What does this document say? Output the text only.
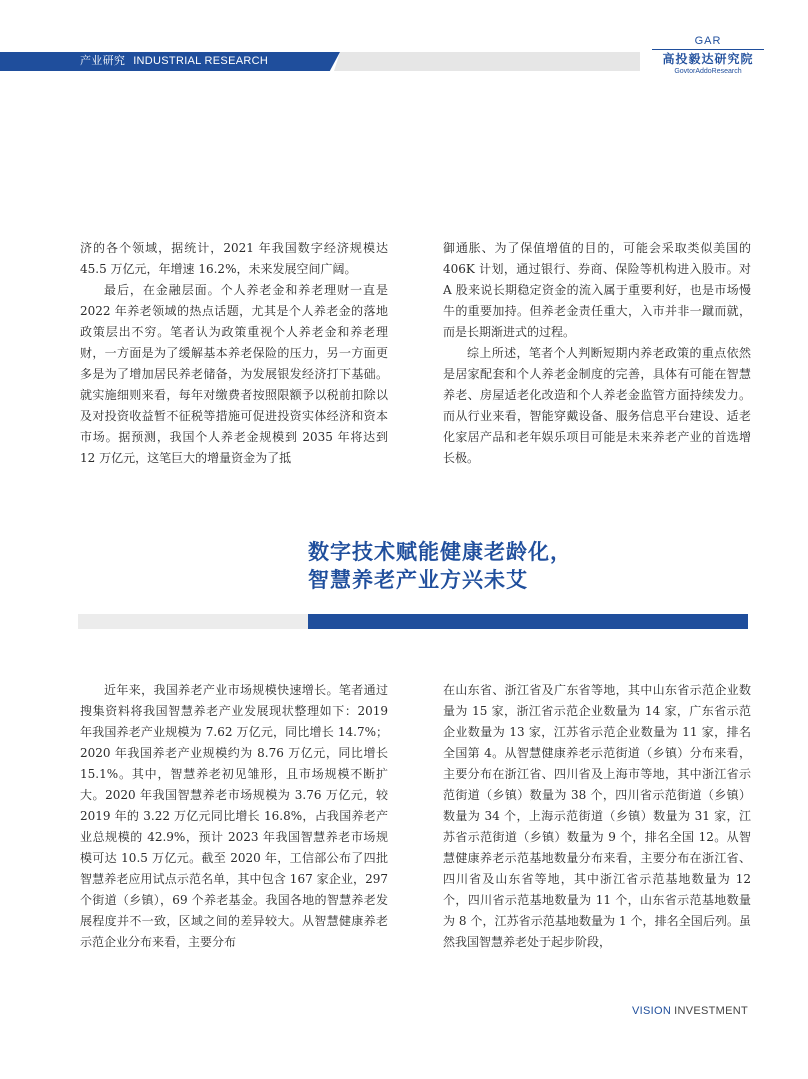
产业研究 INDUSTRIAL RESEARCH
GAR
高投毅达研究院
GovtorAddoResearch

济的各个领域，据统计，2021 年我国数字经济规模达 45.5 万亿元，年增速 16.2%，未来发展空间广阔。

最后，在金融层面。个人养老金和养老理财一直是 2022 年养老领域的热点话题，尤其是个人养老金的落地政策层出不穷。笔者认为政策重视个人养老金和养老理财，一方面是为了缓解基本养老保险的压力，另一方面更多是为了增加居民养老储备，为发展银发经济打下基础。就实施细则来看，每年对缴费者按照限额予以税前扣除以及对投资收益暂不征税等措施可促进投资实体经济和资本市场。据预测，我国个人养老金规模到 2035 年将达到 12 万亿元，这笔巨大的增量资金为了抵

御通胀、为了保值增值的目的，可能会采取类似美国的 406K 计划，通过银行、券商、保险等机构进入股市。对 A 股来说长期稳定资金的流入属于重要利好，也是市场慢牛的重要加持。但养老金责任重大，入市并非一蹴而就，而是长期渐进式的过程。

综上所述，笔者个人判断短期内养老政策的重点依然是居家配套和个人养老金制度的完善，具体有可能在智慧养老、房屋适老化改造和个人养老金监管方面持续发力。而从行业来看，智能穿戴设备、服务信息平台建设、适老化家居产品和老年娱乐项目可能是未来养老产业的首选增长极。

数字技术赋能健康老龄化，
智慧养老产业方兴未艾

近年来，我国养老产业市场规模快速增长。笔者通过搜集资料将我国智慧养老产业发展现状整理如下：2019 年我国养老产业规模为 7.62 万亿元，同比增长 14.7%；2020 年我国养老产业规模约为 8.76 万亿元，同比增长 15.1%。其中，智慧养老初见雏形，且市场规模不断扩大。2020 年我国智慧养老市场规模为 3.76 万亿元，较 2019 年的 3.22 万亿元同比增长 16.8%，占我国养老产业总规模的 42.9%，预计 2023 年我国智慧养老市场规模可达 10.5 万亿元。截至 2020 年，工信部公布了四批智慧养老应用试点示范名单，其中包含 167 家企业，297 个街道（乡镇），69 个养老基金。我国各地的智慧养老发展程度并不一致，区域之间的差异较大。从智慧健康养老示范企业分布来看，主要分布

在山东省、浙江省及广东省等地，其中山东省示范企业数量为 15 家，浙江省示范企业数量为 14 家，广东省示范企业数量为 13 家，江苏省示范企业数量为 11 家，排名全国第 4。从智慧健康养老示范街道（乡镇）分布来看，主要分布在浙江省、四川省及上海市等地，其中浙江省示范街道（乡镇）数量为 38 个，四川省示范街道（乡镇）数量为 34 个，上海示范街道（乡镇）数量为 31 家，江苏省示范街道（乡镇）数量为 9 个，排名全国 12。从智慧健康养老示范基地数量分布来看，主要分布在浙江省、四川省及山东省等地，其中浙江省示范基地数量为 12 个，四川省示范基地数量为 11 个，山东省示范基地数量为 8 个，江苏省示范基地数量为 1 个，排名全国后列。虽然我国智慧养老处于起步阶段，

VISION INVESTMENT
